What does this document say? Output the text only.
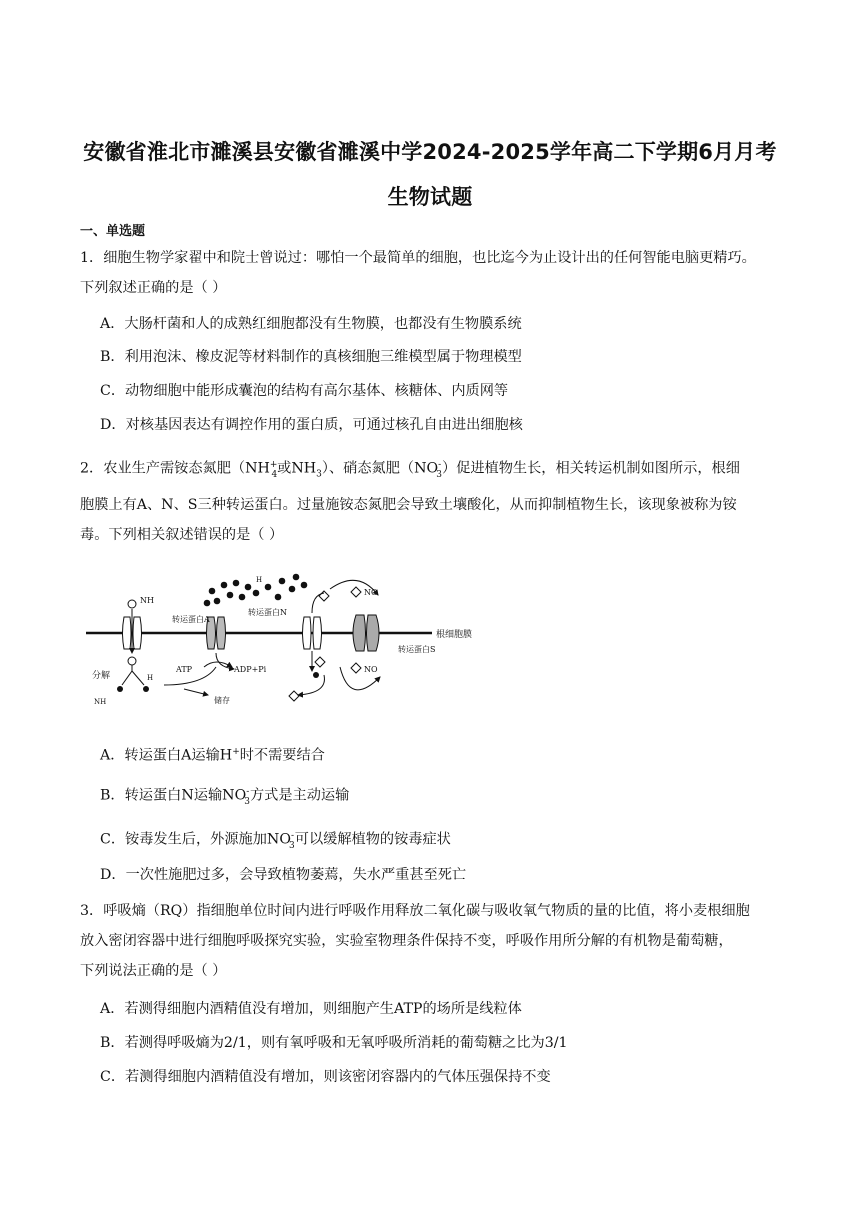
安徽省淮北市濉溪县安徽省濉溪中学2024-2025学年高二下学期6月月考
生物试题
一、单选题
1．细胞生物学家翟中和院士曾说过：哪怕一个最简单的细胞，也比迄今为止设计出的任何智能电脑更精巧。
下列叙述正确的是（ ）
A．大肠杆菌和人的成熟红细胞都没有生物膜，也都没有生物膜系统
B．利用泡沫、橡皮泥等材料制作的真核细胞三维模型属于物理模型
C．动物细胞中能形成囊泡的结构有高尔基体、核糖体、内质网等
D．对核基因表达有调控作用的蛋白质，可通过核孔自由进出细胞核
2．农业生产需铵态氮肥（$NH^+_4$或$NH_3$）、硝态氮肥$(NO^-_3)$促进植物生长，相关转运机制如图所示，根细
胞膜上有A、N、S三种转运蛋白。过量施铵态氮肥会导致土壤酸化，从而抑制植物生长，该现象被称为铵
毒。下列相关叙述错误的是（ ）
根细胞膜
NH
分解	H
NH
转运蛋白A
H
ATP	ADP+Pi
储存
转运蛋白N
NO
转运蛋白S
NO
A．转运蛋白A运输H+时不需要结合
B．转运蛋白N运输$NO^-_3$方式是主动运输
C．铵毒发生后，外源施加$NO^-_3$可以缓解植物的铵毒症状
D．一次性施肥过多，会导致植物萎蔫，失水严重甚至死亡
3．呼吸熵（RQ）指细胞单位时间内进行呼吸作用释放二氧化碳与吸收氧气物质的量的比值，将小麦根细胞
放入密闭容器中进行细胞呼吸探究实验，实验室物理条件保持不变，呼吸作用所分解的有机物是葡萄糖，
下列说法正确的是（ ）
A．若测得细胞内酒精值没有增加，则细胞产生ATP的场所是线粒体
B．若测得呼吸熵为2/1，则有氧呼吸和无氧呼吸所消耗的葡萄糖之比为3/1
C．若测得细胞内酒精值没有增加，则该密闭容器内的气体压强保持不变
